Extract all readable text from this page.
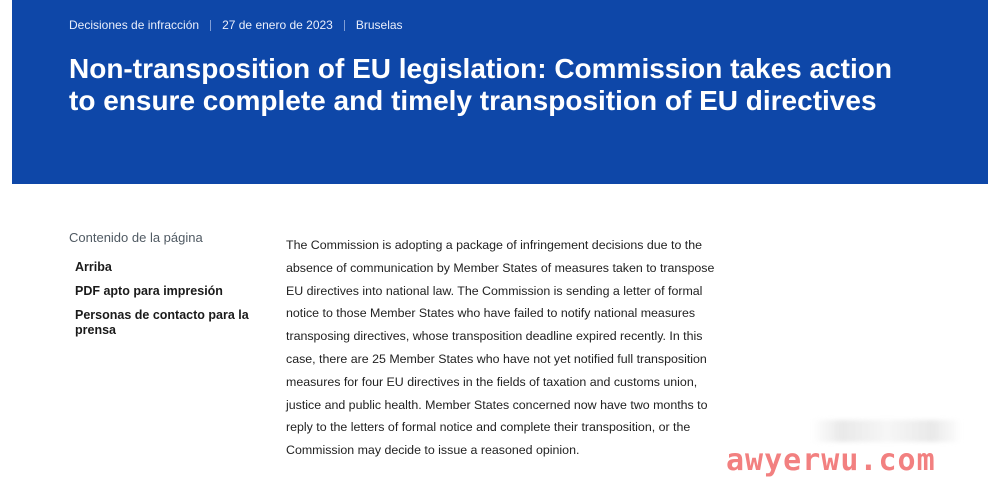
Decisiones de infracción 27 de enero de 2023 Bruselas
Non-transposition of EU legislation: Commission takes action to ensure complete and timely transposition of EU directives
Contenido de la página
Arriba
PDF apto para impresión
Personas de contacto para la prensa

The Commission is adopting a package of infringement decisions due to the absence of communication by Member States of measures taken to transpose EU directives into national law. The Commission is sending a letter of formal notice to those Member States who have failed to notify national measures transposing directives, whose transposition deadline expired recently. In this case, there are 25 Member States who have not yet notified full transposition measures for four EU directives in the fields of taxation and customs union, justice and public health. Member States concerned now have two months to reply to the letters of formal notice and complete their transposition, or the Commission may decide to issue a reasoned opinion.	awyerwu.com
